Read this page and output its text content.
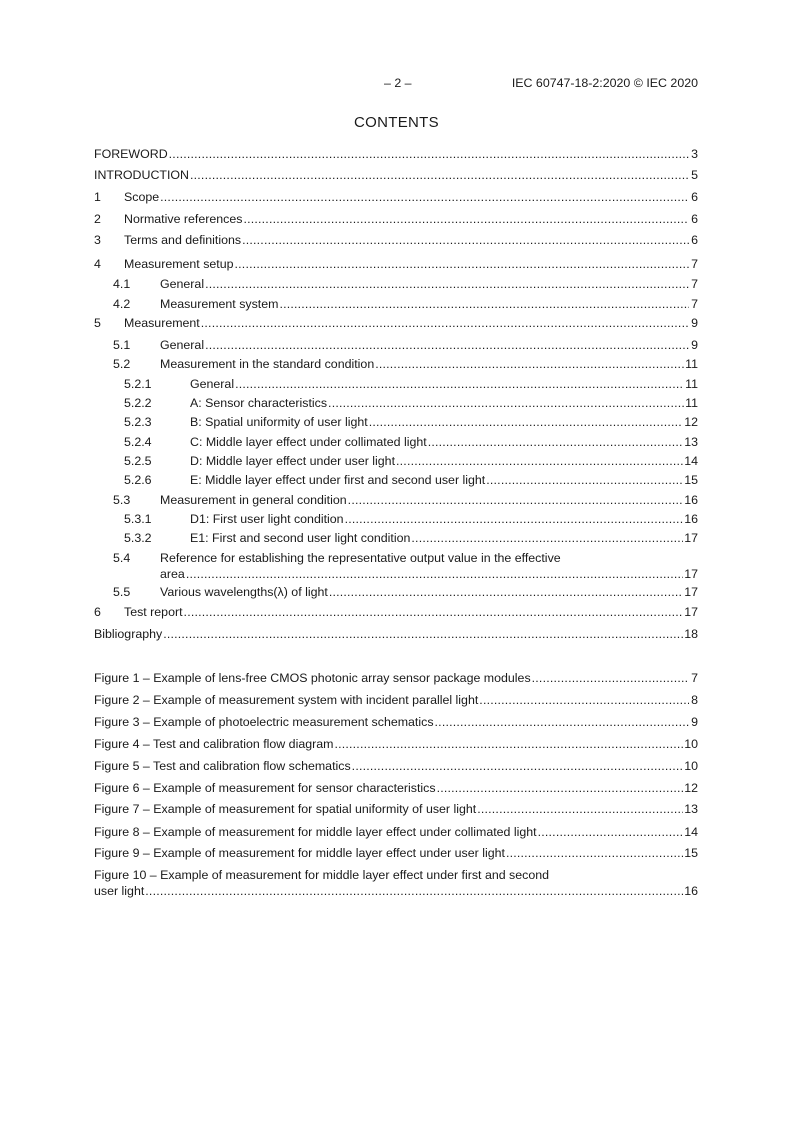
– 2 –	IEC 60747-18-2:2020 © IEC 2020
CONTENTS
FOREWORD .....	3
INTRODUCTION .....	5
1 Scope .....	6
2 Normative references .....	6
3 Terms and definitions .....	6
4 Measurement setup .....	7
4.1 General .....	7
4.2 Measurement system .....	7
5 Measurement .....	9
5.1 General .....	9
5.2 Measurement in the standard condition .....	11
5.2.1	General .....	11
5.2.2	A: Sensor characteristics .....	11
5.2.3	B: Spatial uniformity of user light .....	12
5.2.4	C: Middle layer effect under collimated light .....	13
5.2.5	D: Middle layer effect under user light .....	14
5.2.6	E: Middle layer effect under first and second user light .....	15
5.3 Measurement in general condition .....	16
5.3.1	D1: First user light condition .....	16
5.3.2	E1: First and second user light condition .....	17
5.4 Reference for establishing the representative output value in the effective
area .....	17
5.5 Various wavelengths(λ) of light .....	17
6 Test report .....	17
Bibliography .....	18
Figure 1 – Example of lens-free CMOS photonic array sensor package modules .....	7
Figure 2 – Example of measurement system with incident parallel light .....	8
Figure 3 – Example of photoelectric measurement schematics .....	9
Figure 4 – Test and calibration flow diagram .....	10
Figure 5 – Test and calibration flow schematics .....	10
Figure 6 – Example of measurement for sensor characteristics .....	12
Figure 7 – Example of measurement for spatial uniformity of user light .....	13
Figure 8 – Example of measurement for middle layer effect under collimated light .....	14
Figure 9 – Example of measurement for middle layer effect under user light .....	15
Figure 10 – Example of measurement for middle layer effect under first and second
user light .....	16
